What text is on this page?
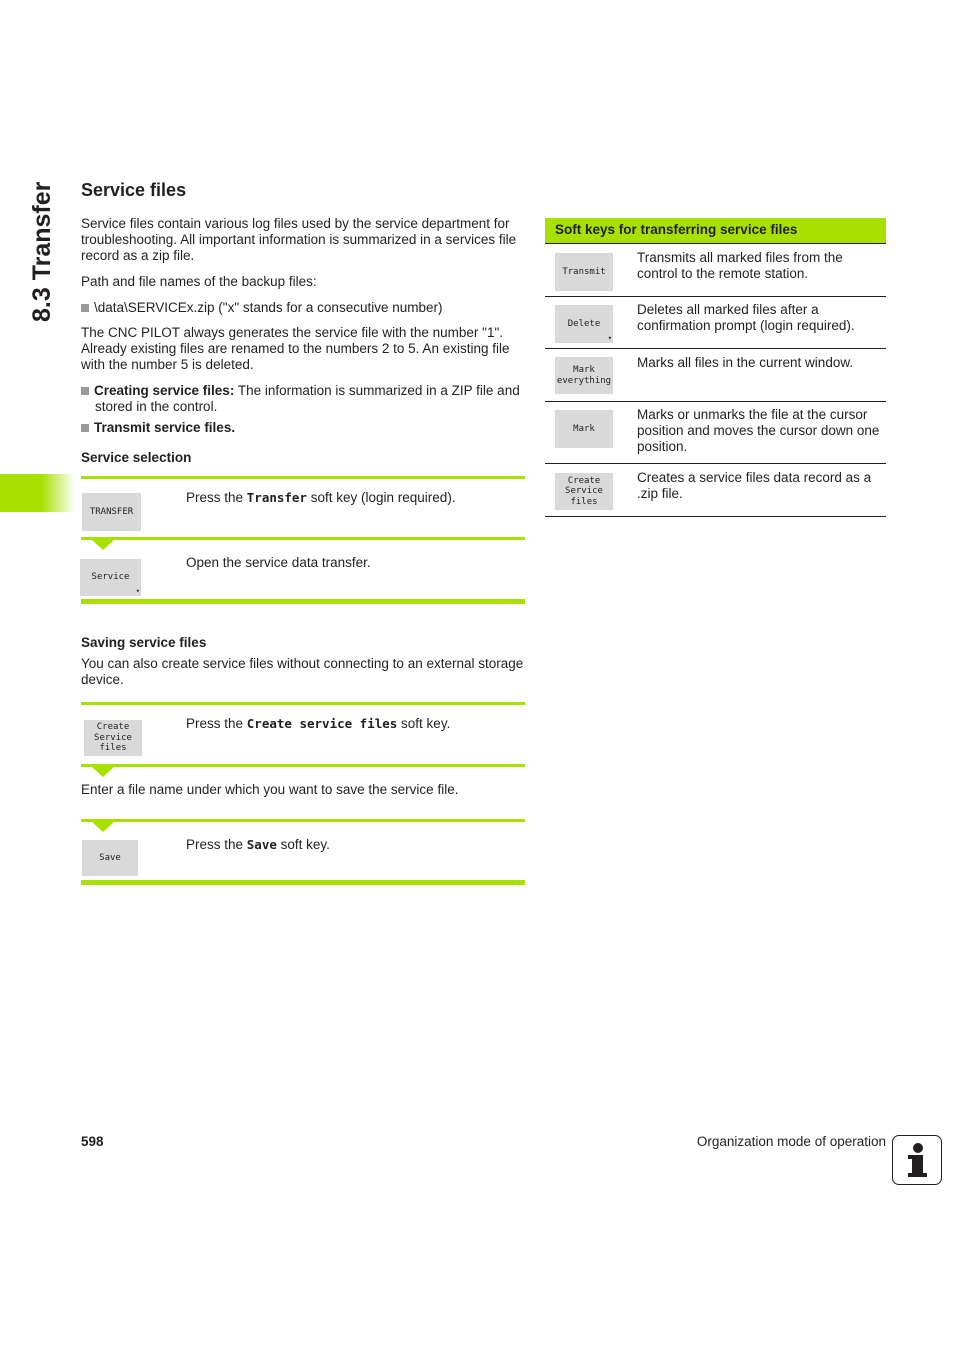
8.3 Transfer Service files
Service files contain various log files used by the service department for troubleshooting. All important information is summarized in a services file record as a zip file.
Path and file names of the backup files:
\data\SERVICEx.zip ("x" stands for a consecutive number)
The CNC PILOT always generates the service file with the number "1". Already existing files are renamed to the numbers 2 to 5. An existing file with the number 5 is deleted.
Creating service files: The information is summarized in a ZIP file and stored in the control.
Transmit service files.
Service selection
TRANSFER
Press the Transfer soft key (login required).
Service
▾
Open the service data transfer.
Saving service files
You can also create service files without connecting to an external storage device.
Create
Service
files
Press the Create service files soft key.
Enter a file name under which you want to save the service file.
Save
Press the Save soft key.
Soft keys for transferring service files
Transmit
Transmits all marked files from the control to the remote station.
Delete
▾
Deletes all marked files after a confirmation prompt (login required).
Mark
everything
Marks all files in the current window.
Mark
Marks or unmarks the file at the cursor position and moves the cursor down one position.
Create
Service
files
Creates a service files data record as a .zip file.
598	Organization mode of operation
